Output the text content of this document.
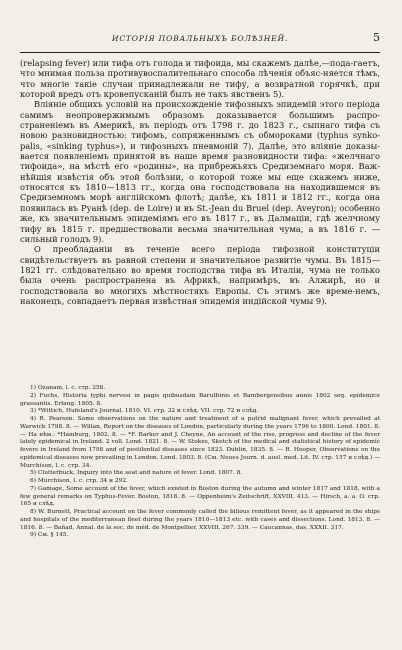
ИСТОРІЯ ПОВАЛЬНЫХЪ БОЛѢЗНЕЙ.	5

(relapsing fever) или тифа отъ голода и тифоида, мы скажемъ далѣе,—пода-гаетъ, что мнимая польза противувоспалительнаго способа лѣченія объяс-няется тѣмъ, что многіе такіе случаи принадлежали не тифу, а возвратной горячкѣ, при которой вредъ отъ кровепусканій былъ не такъ явственъ 5).

Вліяніе общихъ условій на происхожденіе тифозныхъ эпидемій этого періода самимъ неопровержимымъ образомъ доказывается большимъ распро-страненіемъ въ Америкѣ, въ періодъ отъ 1798 г. до 1823 г., сыпнаго тифа съ новою разновидностью: тифомъ, сопряженнымъ съ обмороками (typhus synko-palis, «sinking typhus»), и тифозныхъ пневмоній 7). Далѣе, это вліяніе доказы-вается появленіемъ принятой въ наше время разновидности тифа: «желчнаго тифоида», на мѣстѣ его «родины», на прибрежьяхъ Средиземнаго моря. Важ-нѣйшія извѣстія объ этой болѣзни, о которой тоже мы еще скажемъ ниже, относятся къ 1810—1813 гг., когда она господствовала на находившемся въ Средиземномъ морѣ англійскомъ флотѣ; далѣе, къ 1811 и 1812 гг., когда она появилась въ Руанѣ (dep. de Loire) и въ St.-Jean du Bruel (dep. Aveyron); особенно же, къ значительнымъ эпидеміямъ его въ 1817 г., въ Далмаціи, гдѣ желчному тифу въ 1815 г. предшествовали весьма значительная чума, а въ 1816 г. — сильный голодъ 9).

О преобладаніи въ теченіе всего періода тифозной конституціи свидѣтельствуетъ въ равной степени и значительное развитіе чумы. Въ 1815—1821 гг. слѣдовательно во время господства тифа въ Италіи, чума не только была очень распространена въ Африкѣ, напримѣръ, въ Алжирѣ, но и господствовала во многихъ мѣстностяхъ Европы. Съ этимъ же време-немъ, наконецъ, совпадаетъ первая извѣстная эпидемія индійской чумы 9).

1) Ozanam, l. c. стр. 258.
2) Fuchs, Historia typhi nervosi in pagis quibusdam Baruthinis et Bambergensibus annis 1802 seq. epidemice grassantis. Erlang. 1805. 8.
3) *Wittich, Hufeland's Journal, 1810. VI. стр. 32 и слѣд. VII. стр. 72 и слѣд.
4) R. Pearson. Some observations on the nature and treatment of a putrid malignant fever, which prevailed at Warwick 1798. 8. — Willan, Report on the diseases of London, particularly during the years 1796 to 1800. Lond. 1801. 8. — На нѣм.: *Hamburg, 1802. 8. — *F. Barker and J. Cheyne, An account of the rise, progress and decline of the fever lately epidemical in Ireland. 2 voll. Lond. 1821. 8. — W. Stokes, Sketch of the medical and statistical history of epidemic fevers in Ireland from 1798 and of pestilential diseases since 1823. Dublin, 1835. 8. — R. Hooper, Observations on the epidemical diseases now prevailing in London. Lond. 1803. 8. (См. Neues Journ. d. ausl. med. Lit. IV. стр. 157 и слѣд.) — Murchison, l. c. стр. 34.
5) Clutterbuck, Inquiry into the seat and nature of fever. Lond. 1807. 8.
6) Murchison, l. c. стр. 34 и 292.
7) Gamage, Some account of the fever, which existed in Boston during the autumn and winter 1817 and 1818, with a few general remarks on Typhus-Fever. Boston, 1818. 8. — Oppenheim's Zeitschrift, XXVIII. 413. — Hirsch, a. a. O. стр. 165 и слѣд.
8) W. Burnett, Practical account on the fever commonly called the bilious remittent fever, as it appeared in the ships and hospitals of the mediterranean fleet during the years 1810—1813 etc. with cases and dissections. Lond. 1813. 8. — 1816. 8. — Bañad, Annal. de la soc. de méd. de Montpellier, XXVIII. 267. 339. — Caucannas, das. XXXII. 317.
9) См. § 145.
